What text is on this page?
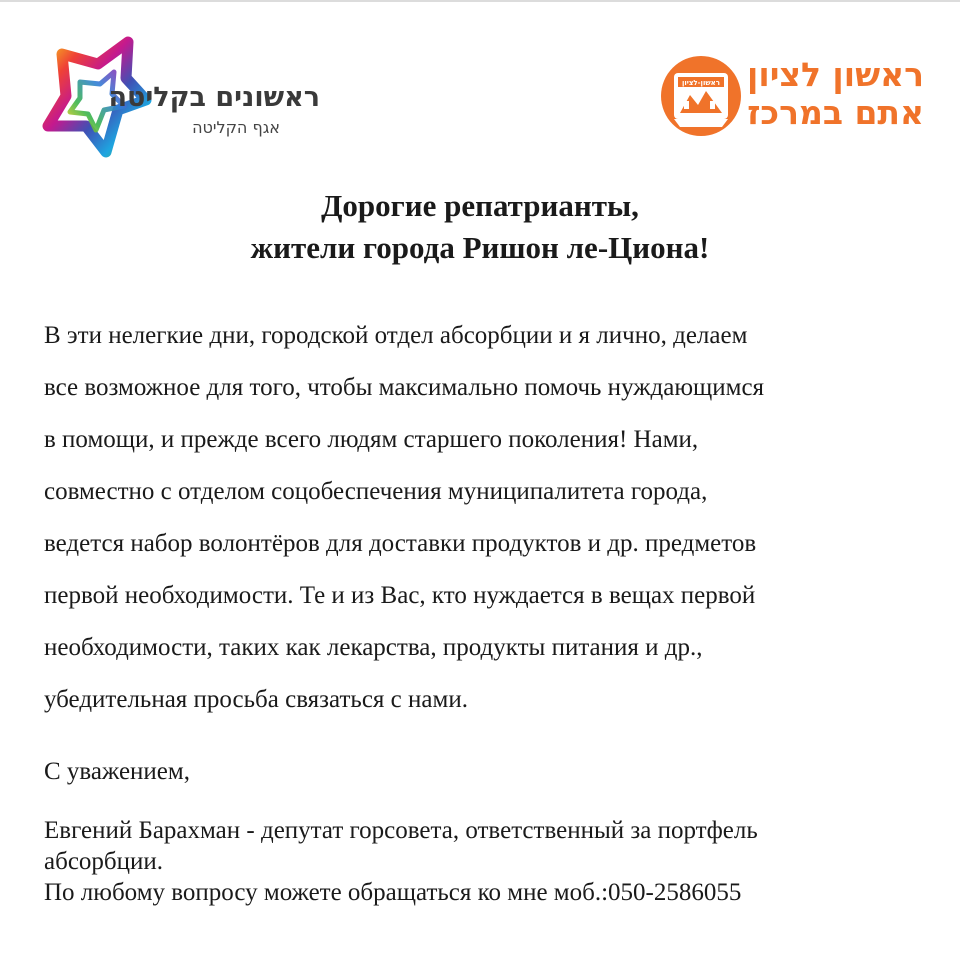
ראשונים בקליטה
אגף הקליטה
ראשון-לציון ראשון לציון
אתם במרכז
Дорогие репатрианты,
жители города Ришон ле-Циона!
В эти нелегкие дни, городской отдел абсорбции и я лично, делаем
все возможное для того, чтобы максимально помочь нуждающимся
в помощи, и прежде всего людям старшего поколения! Нами,
совместно с отделом соцобеспечения муниципалитета города,
ведется набор волонтёров для доставки продуктов и др. предметов
первой необходимости. Те и из Вас, кто нуждается в вещах первой
необходимости, таких как лекарства, продукты питания и др.,
убедительная просьба связаться с нами.
С уважением,
Евгений Барахман - депутат горсовета, ответственный за портфель
абсорбции.
По любому вопросу можете обращаться ко мне моб.:050-2586055
